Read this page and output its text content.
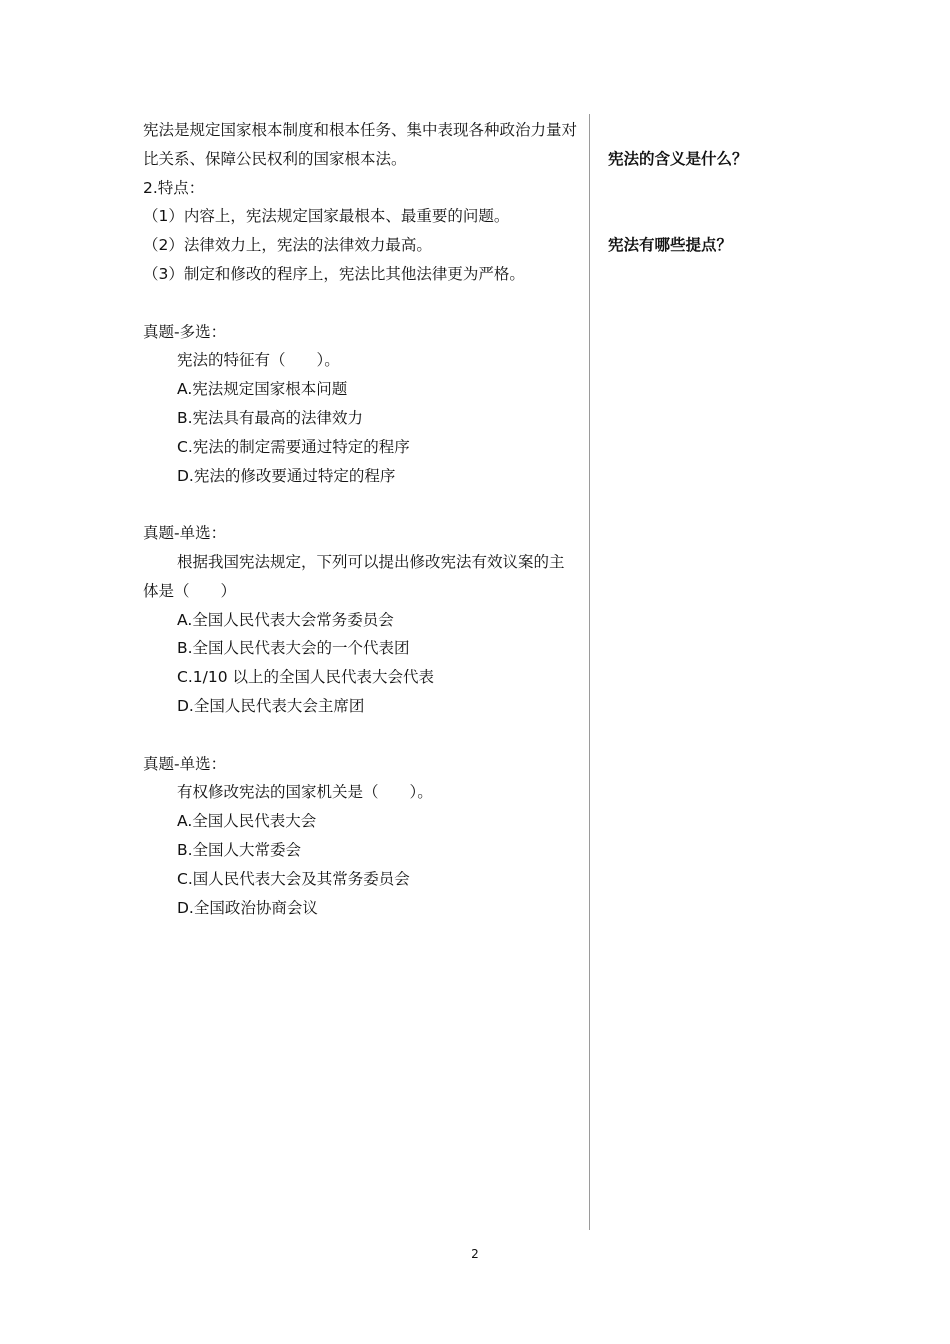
宪法是规定国家根本制度和根本任务、集中表现各种政治力量对比关系、保障公民权利的国家根本法。

2.特点：

（1）内容上，宪法规定国家最根本、最重要的问题。

（2）法律效力上，宪法的法律效力最高。

（3）制定和修改的程序上，宪法比其他法律更为严格。

真题-多选：

宪法的特征有（　　）。

A.宪法规定国家根本问题

B.宪法具有最高的法律效力

C.宪法的制定需要通过特定的程序

D.宪法的修改要通过特定的程序

真题-单选：

根据我国宪法规定，下列可以提出修改宪法有效议案的主体是（　　）

A.全国人民代表大会常务委员会

B.全国人民代表大会的一个代表团

C.1/10 以上的全国人民代表大会代表

D.全国人民代表大会主席团

真题-单选：

有权修改宪法的国家机关是（　　）。

A.全国人民代表大会

B.全国人大常委会

C.国人民代表大会及其常务委员会

D.全国政治协商会议

宪法的含义是什么？
宪法有哪些提点？
2
